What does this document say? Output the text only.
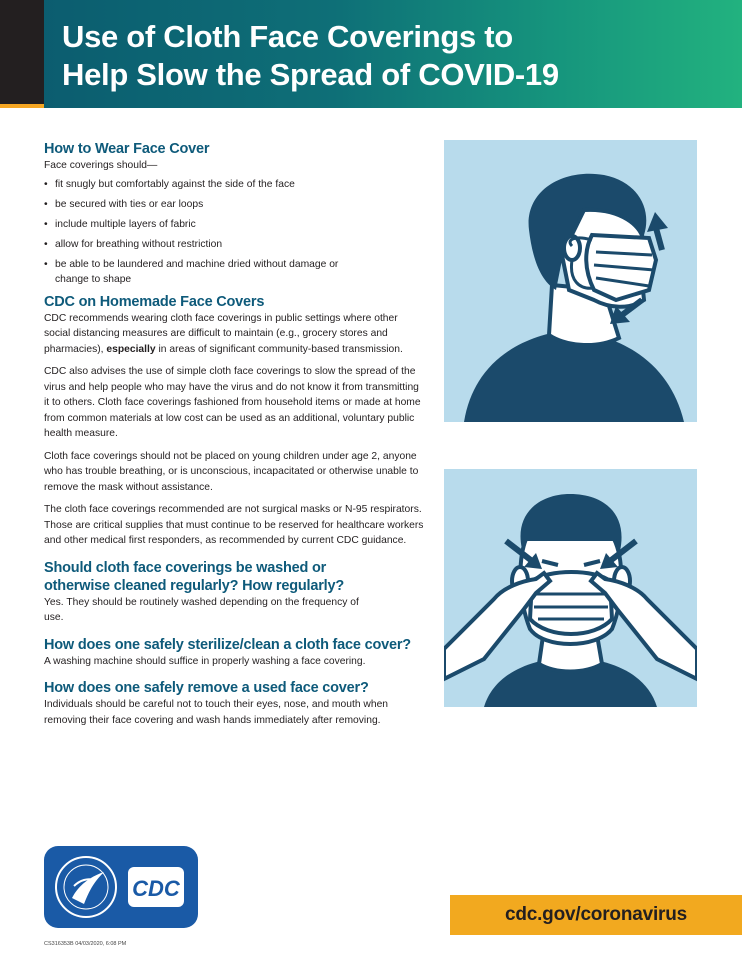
Use of Cloth Face Coverings to
Help Slow the Spread of COVID-19
How to Wear Face Cover

Face coverings should—

• fit snugly but comfortably against the side of the face
• be secured with ties or ear loops
• include multiple layers of fabric
• allow for breathing without restriction
• be able to be laundered and machine dried without damage or change to shape
CDC on Homemade Face Covers

CDC recommends wearing cloth face coverings in public settings where other social distancing measures are difficult to maintain (e.g., grocery stores and pharmacies), especially in areas of significant community-based transmission.

CDC also advises the use of simple cloth face coverings to slow the spread of the virus and help people who may have the virus and do not know it from transmitting it to others. Cloth face coverings fashioned from household items or made at home from common materials at low cost can be used as an additional, voluntary public health measure.

Cloth face coverings should not be placed on young children under age 2, anyone who has trouble breathing, or is unconscious, incapacitated or otherwise unable to remove the mask without assistance.

The cloth face coverings recommended are not surgical masks or N-95 respirators. Those are critical supplies that must continue to be reserved for healthcare workers and other medical first responders, as recommended by current CDC guidance.

Should cloth face coverings be washed or otherwise cleaned regularly? How regularly?

Yes. They should be routinely washed depending on the frequency of use.

How does one safely sterilize/clean a cloth face cover?

A washing machine should suffice in properly washing a face covering.

How does one safely remove a used face cover?

Individuals should be careful not to touch their eyes, nose, and mouth when removing their face covering and wash hands immediately after removing.

CDC
cdc.gov/coronavirus
CS316353B 04/03/2020, 6:08 PM
